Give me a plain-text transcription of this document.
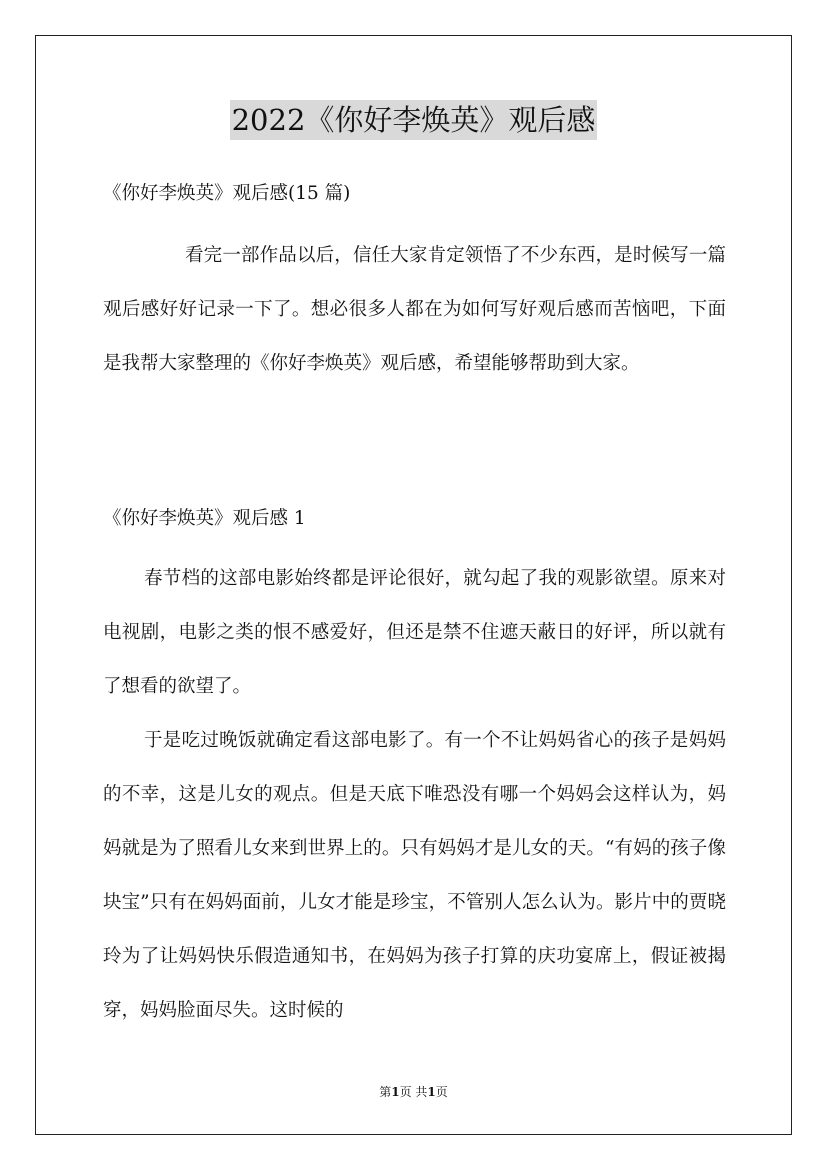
2022《你好李焕英》观后感
《你好李焕英》观后感(15 篇)
看完一部作品以后，信任大家肯定领悟了不少东西，是时候写一篇观后感好好记录一下了。想必很多人都在为如何写好观后感而苦恼吧，下面是我帮大家整理的《你好李焕英》观后感，希望能够帮助到大家。
《你好李焕英》观后感 1
春节档的这部电影始终都是评论很好，就勾起了我的观影欲望。原来对电视剧，电影之类的恨不感爱好，但还是禁不住遮天蔽日的好评，所以就有了想看的欲望了。
于是吃过晚饭就确定看这部电影了。有一个不让妈妈省心的孩子是妈妈的不幸，这是儿女的观点。但是天底下唯恐没有哪一个妈妈会这样认为，妈妈就是为了照看儿女来到世界上的。只有妈妈才是儿女的天。“有妈的孩子像块宝”只有在妈妈面前，儿女才能是珍宝，不管别人怎么认为。影片中的贾晓玲为了让妈妈快乐假造通知书，在妈妈为孩子打算的庆功宴席上，假证被揭穿，妈妈脸面尽失。这时候的
第1页 共1页
